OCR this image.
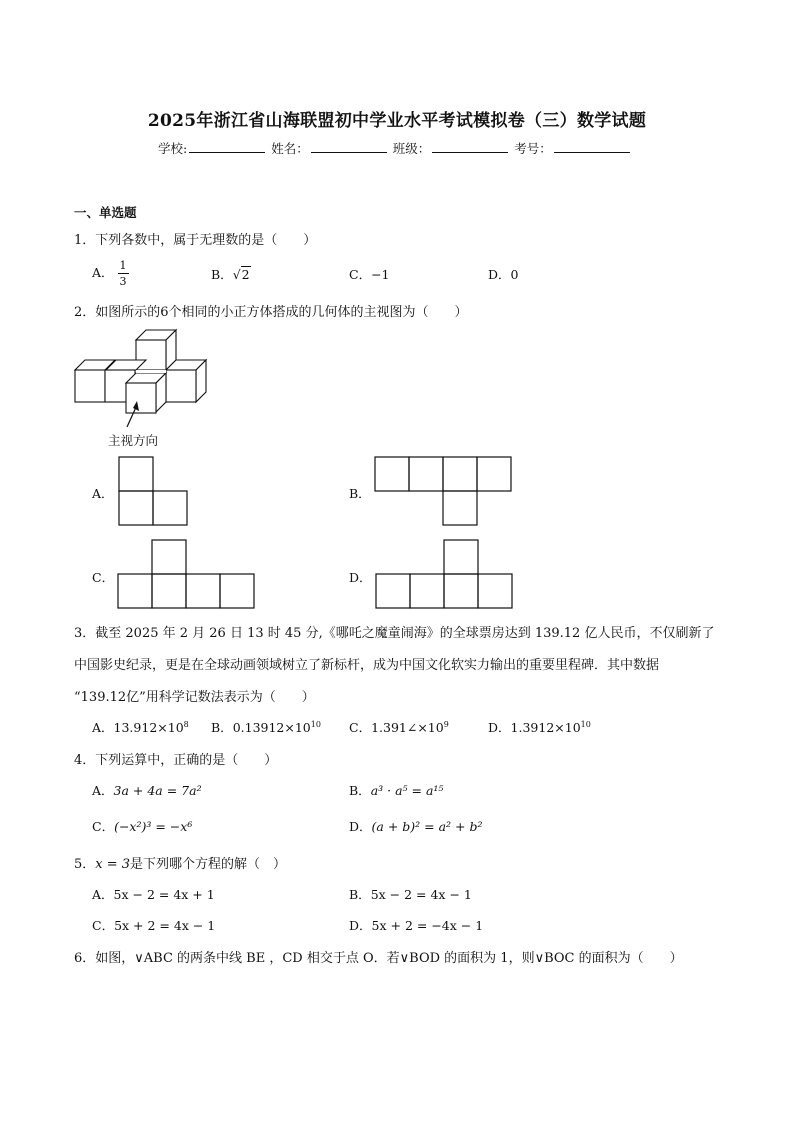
2025年浙江省山海联盟初中学业水平考试模拟卷（三）数学试题
学校:	姓名：	班级：	考号：
一、单选题
1．下列各数中，属于无理数的是（　　）
A． $\frac{1}{3}$	B．√2	C．−1	D．0
2．如图所示的6个相同的小正方体搭成的几何体的主视图为（　　）
主视方向
A．	B．
C．	D．
3．截至 2025 年 2 月 26 日 13 时 45 分,《哪吒之魔童闹海》的全球票房达到 139.12 亿人民币，不仅刷新了
中国影史纪录，更是在全球动画领域树立了新标杆，成为中国文化软实力输出的重要里程碑．其中数据
“139.12亿”用科学记数法表示为（　　）
A．$13.912\times 10^8$ B．$0.13912\times 10^{10}$ C．$1.391\angle\times 10^9$	D．$1.3912\times 10^{10}$
4．下列运算中，正确的是（　　）
A．3a + 4a = 7a²	B．a³ · a⁵ = a¹⁵
C．(−x²)³ = −x⁶	D．(a + b)² = a² + b²
5．x = 3是下列哪个方程的解（　）
A．5x − 2 = 4x + 1	B．5x − 2 = 4x − 1
C．5x + 2 = 4x − 1	D．5x + 2 = −4x − 1
6．如图，∨ABC 的两条中线 BE ，CD 相交于点 O．若∨BOD 的面积为 1，则∨BOC 的面积为（　　）
